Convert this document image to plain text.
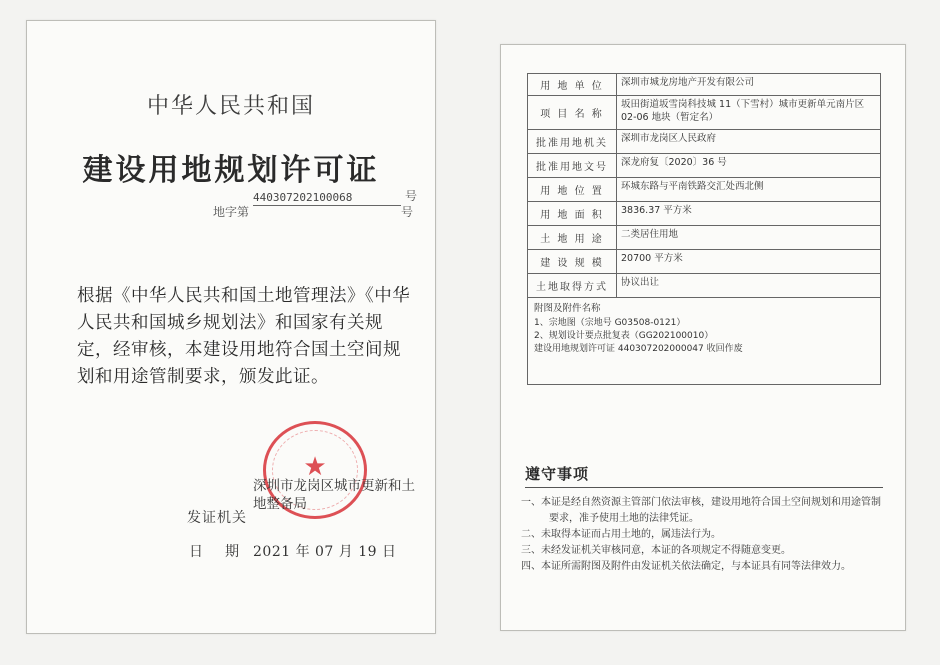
中华人民共和国
建设用地规划许可证
地字第
440307202100068	号
号
根据《中华人民共和国土地管理法》《中华人民共和国城乡规划法》和国家有关规定，经审核，本建设用地符合国土空间规划和用途管制要求，颁发此证。
★
深圳市龙岗区城市更新和土地整备局
发证机关
日 期	2021 年 07 月 19 日
用 地 单 位	深圳市城龙房地产开发有限公司
项 目 名 称	坂田街道坂雪岗科技城 11（下雪村）城市更新单元南片区 02-06 地块（暂定名）
批准用地机关	深圳市龙岗区人民政府
批准用地文号	深龙府复〔2020〕36 号
用 地 位 置	环城东路与平南铁路交汇处西北侧
用 地 面 积	3836.37 平方米
土 地 用 途	二类居住用地
建 设 规 模	20700 平方米
土地取得方式	协议出让

附图及附件名称
1、宗地图（宗地号 G03508-0121）
2、规划设计要点批复表（GG202100010）
建设用地规划许可证 440307202000047 收回作废	
遵守事项
一、本证是经自然资源主管部门依法审核，建设用地符合国土空间规划和用途管制要求，准予使用土地的法律凭证。
二、未取得本证而占用土地的，属违法行为。
三、未经发证机关审核同意，本证的各项规定不得随意变更。
四、本证所需附图及附件由发证机关依法确定，与本证具有同等法律效力。
